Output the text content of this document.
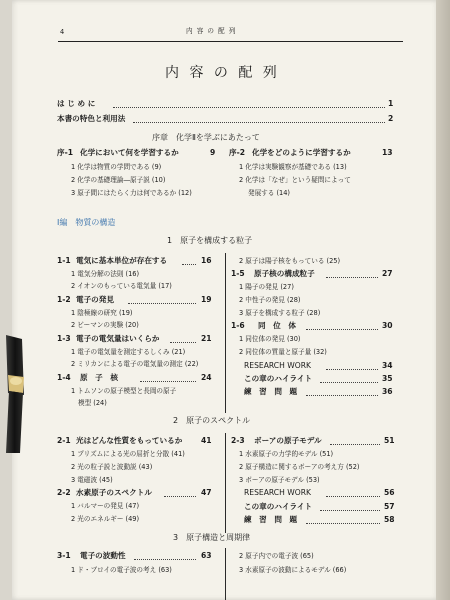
4	内 容 の 配 列
内 容 の 配 列
は じ め に	1
本書の特色と利用法	2
序章　化学Ⅱを学ぶにあたって
序-1 化学において何を学習するか	9
1 化学は物質の学問である (9)
2 化学の基礎理論―原子説 (10)
3 原子間にはたらく力は何であるか (12)
序-2 化学をどのように学習するか	13
1 化学は実験観察が基礎である (13)
2 化学は「なぜ」という疑問によって
発展する (14)
Ⅰ編　物質の構造
1　原子を構成する粒子
1-1 電気に基本単位が存在する	16
1 電気分解の法則 (16)
2 イオンのもっている電気量 (17)
1-2 電子の発見	19
1 陰極線の研究 (19)
2 ビーマンの実験 (20)
1-3 電子の電気量はいくらか	21
1 電子の電気量を測定するしくみ (21)
2 ミリカンによる電子の電気量の測定 (22)
1-4 原　子　核	24
1 トムソンの原子模型と長岡の原子
模型 (24)
2 原子は陽子核をもっている (25)
1-5 原子核の構成粒子	27
1 陽子の発見 (27)
2 中性子の発見 (28)
3 原子を構成する粒子 (28)
1-6 同　位　体	30
1 同位体の発見 (30)
2 同位体の質量と原子量 (32)
RESEARCH WORK	34
この章のハイライト	35
練　習　問　題	36
2　原子のスペクトル
2-1 光はどんな性質をもっているか 41
1 プリズムによる光の屈折と分散 (41)
2 光の粒子説と波動説 (43)
3 電磁波 (45)
2-2 水素原子のスペクトル	47
1 バルマーの発見 (47)
2 光のエネルギー (49)
2-3 ボーアの原子モデル	51
1 水素原子の力学的モデル (51)
2 原子構造に関するボーアの考え方 (52)
3 ボーアの原子モデル (53)
RESEARCH WORK	56
この章のハイライト	57
練　習　問　題	58
3　原子構造と周期律
3-1 電子の波動性	63
1 ド・ブロイの電子波の考え (63)
2 原子内での電子波 (65)
3 水素原子の波動によるモデル (66)
